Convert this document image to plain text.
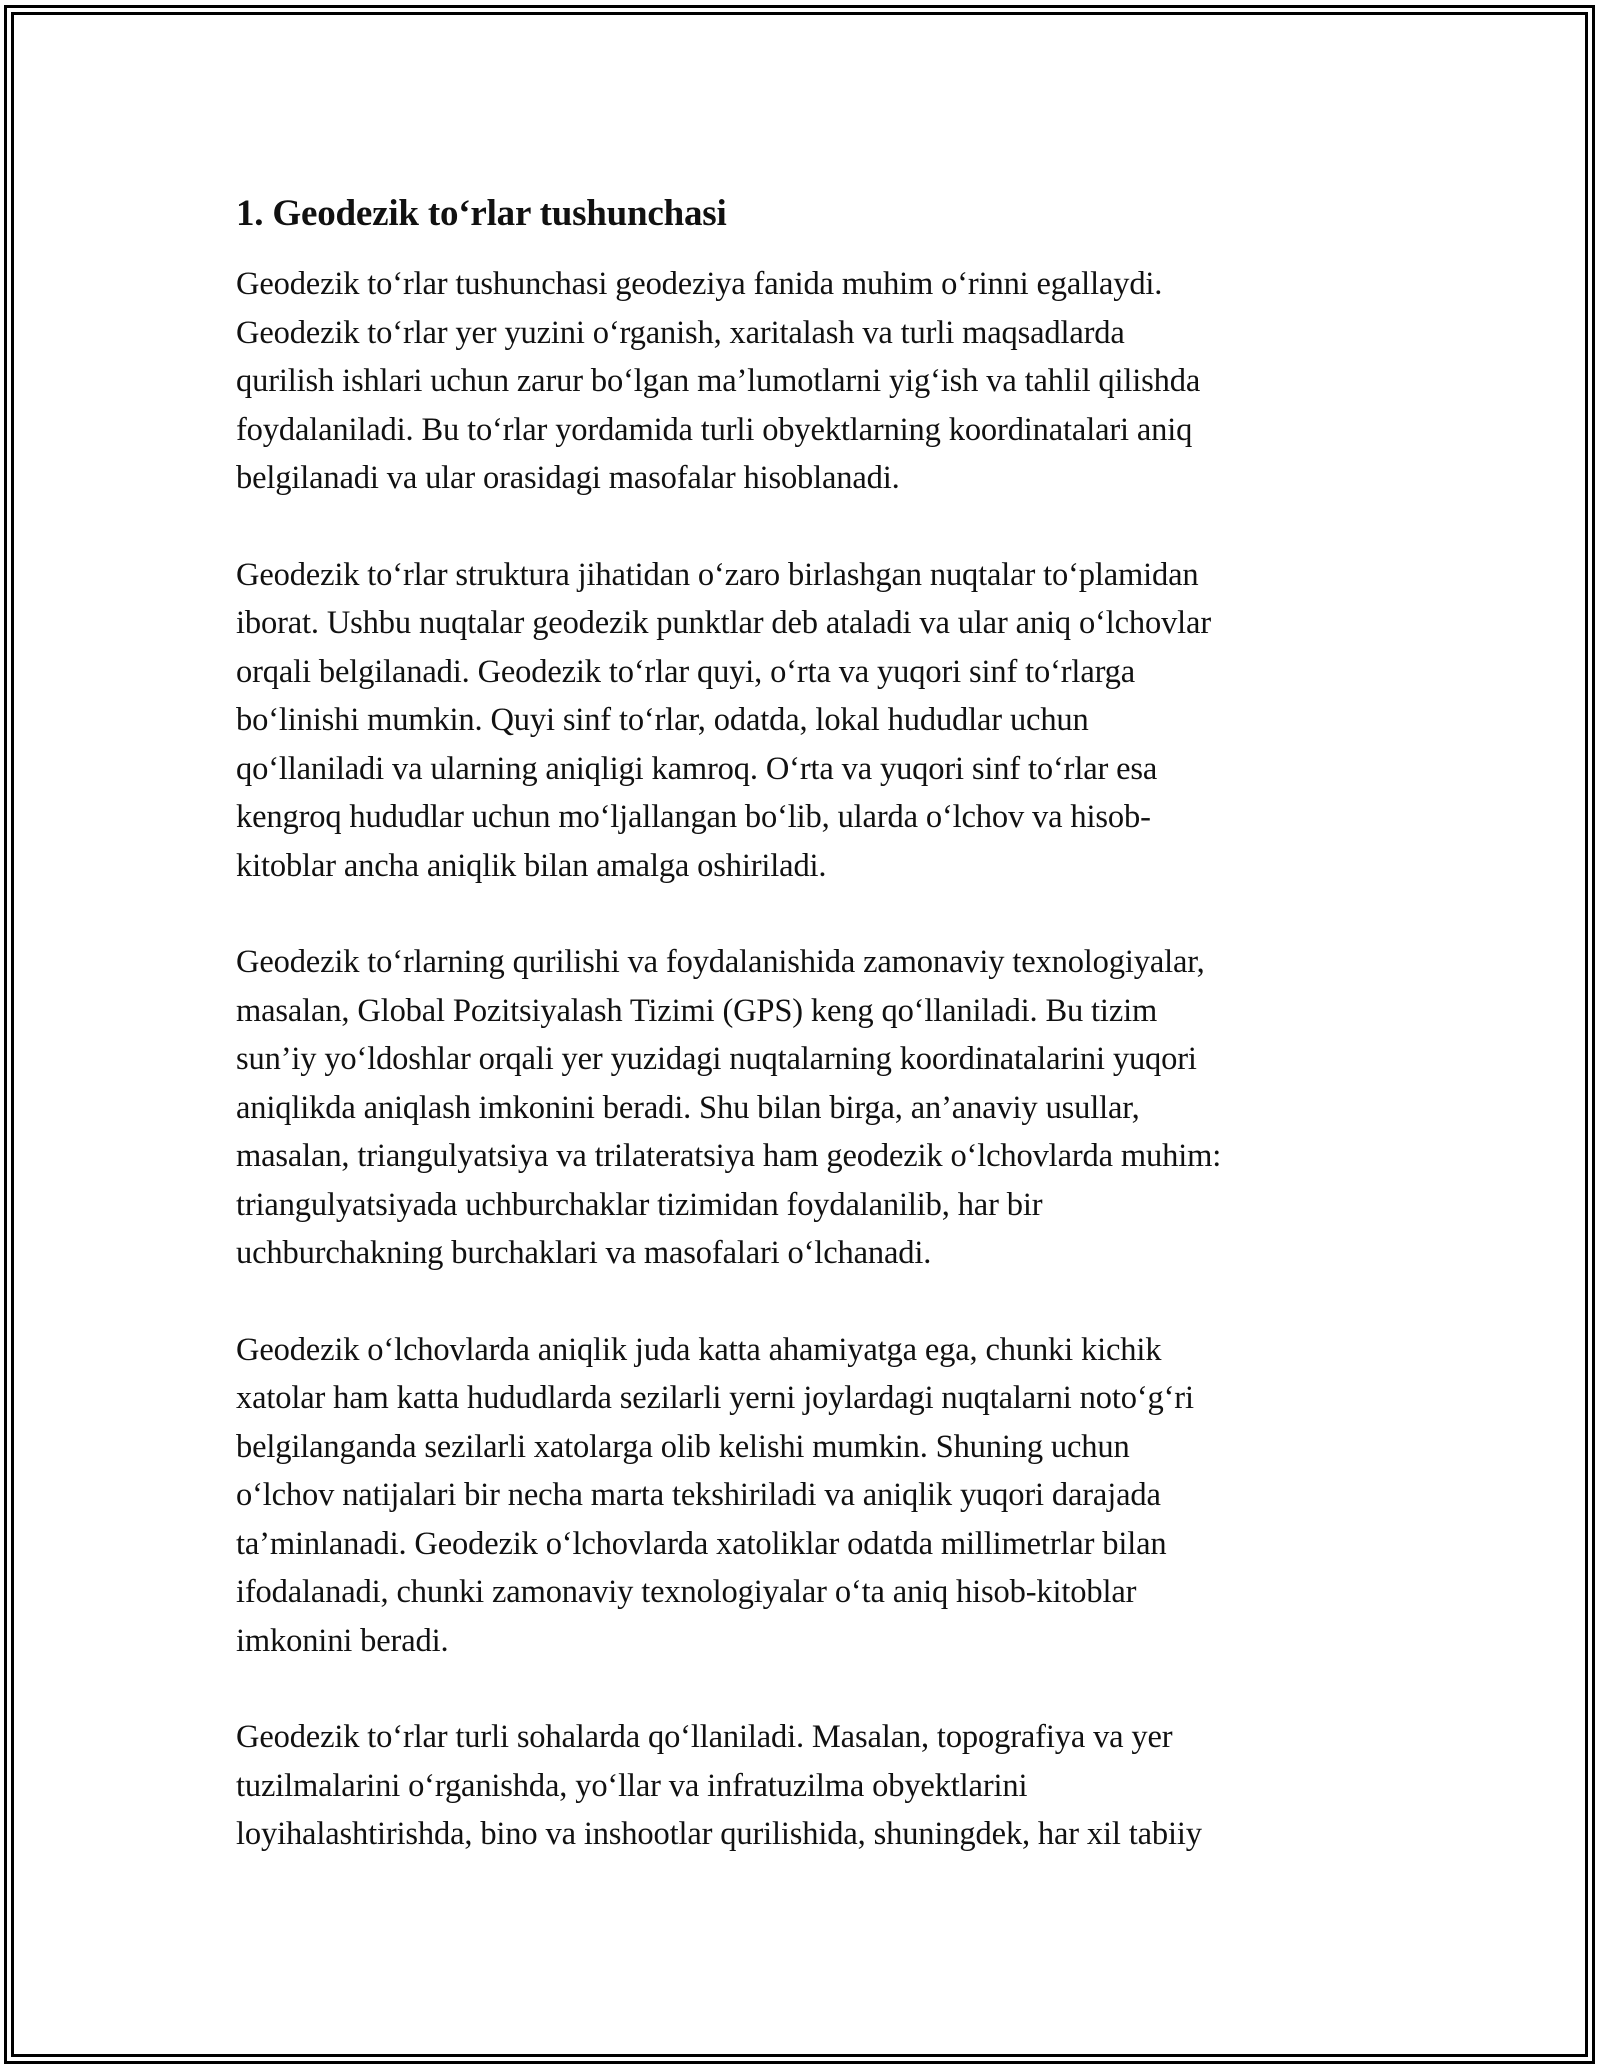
1. Geodezik to‘rlar tushunchasi

Geodezik to‘rlar tushunchasi geodeziya fanida muhim o‘rinni egallaydi.
Geodezik to‘rlar yer yuzini o‘rganish, xaritalash va turli maqsadlarda
qurilish ishlari uchun zarur bo‘lgan ma’lumotlarni yig‘ish va tahlil qilishda
foydalaniladi. Bu to‘rlar yordamida turli obyektlarning koordinatalari aniq
belgilanadi va ular orasidagi masofalar hisoblanadi.

Geodezik to‘rlar struktura jihatidan o‘zaro birlashgan nuqtalar to‘plamidan
iborat. Ushbu nuqtalar geodezik punktlar deb ataladi va ular aniq o‘lchovlar
orqali belgilanadi. Geodezik to‘rlar quyi, o‘rta va yuqori sinf to‘rlarga
bo‘linishi mumkin. Quyi sinf to‘rlar, odatda, lokal hududlar uchun
qo‘llaniladi va ularning aniqligi kamroq. O‘rta va yuqori sinf to‘rlar esa
kengroq hududlar uchun mo‘ljallangan bo‘lib, ularda o‘lchov va hisob-
kitoblar ancha aniqlik bilan amalga oshiriladi.

Geodezik to‘rlarning qurilishi va foydalanishida zamonaviy texnologiyalar,
masalan, Global Pozitsiyalash Tizimi (GPS) keng qo‘llaniladi. Bu tizim
sun’iy yo‘ldoshlar orqali yer yuzidagi nuqtalarning koordinatalarini yuqori
aniqlikda aniqlash imkonini beradi. Shu bilan birga, an’anaviy usullar,
masalan, triangulyatsiya va trilateratsiya ham geodezik o‘lchovlarda muhim:
triangulyatsiyada uchburchaklar tizimidan foydalanilib, har bir
uchburchakning burchaklari va masofalari o‘lchanadi.

Geodezik o‘lchovlarda aniqlik juda katta ahamiyatga ega, chunki kichik
xatolar ham katta hududlarda sezilarli yerni joylardagi nuqtalarni noto‘g‘ri
belgilanganda sezilarli xatolarga olib kelishi mumkin. Shuning uchun
o‘lchov natijalari bir necha marta tekshiriladi va aniqlik yuqori darajada
ta’minlanadi. Geodezik o‘lchovlarda xatoliklar odatda millimetrlar bilan
ifodalanadi, chunki zamonaviy texnologiyalar o‘ta aniq hisob-kitoblar
imkonini beradi.

Geodezik to‘rlar turli sohalarda qo‘llaniladi. Masalan, topografiya va yer
tuzilmalarini o‘rganishda, yo‘llar va infratuzilma obyektlarini
loyihalashtirishda, bino va inshootlar qurilishida, shuningdek, har xil tabiiy
